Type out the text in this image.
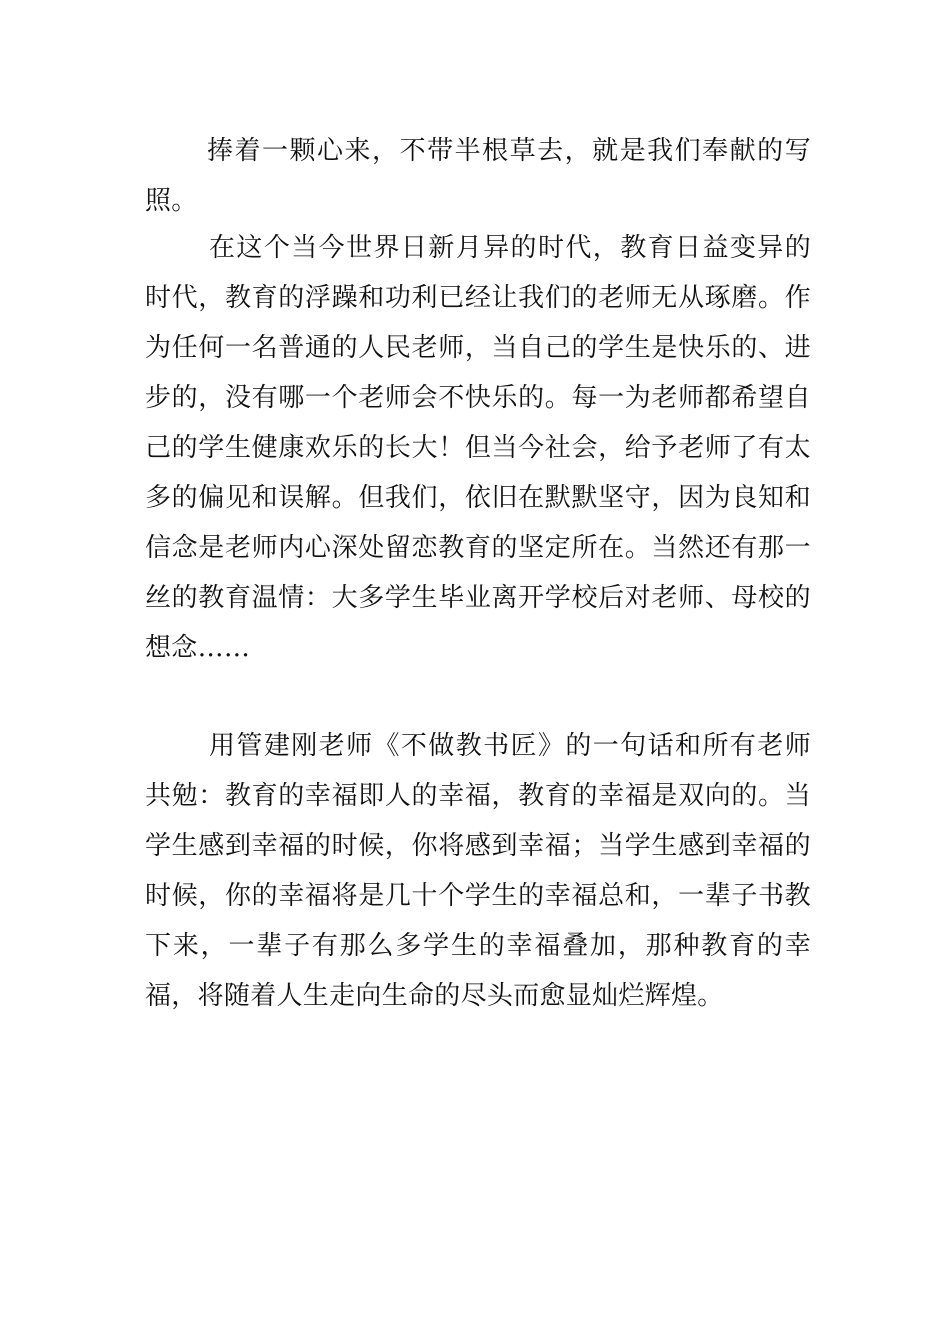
捧着一颗心来，不带半根草去，就是我们奉献的写照。

在这个当今世界日新月异的时代，教育日益变异的时代，教育的浮躁和功利已经让我们的老师无从琢磨。作为任何一名普通的人民老师，当自己的学生是快乐的、进步的，没有哪一个老师会不快乐的。每一为老师都希望自己的学生健康欢乐的长大！但当今社会，给予老师了有太多的偏见和误解。但我们，依旧在默默坚守，因为良知和信念是老师内心深处留恋教育的坚定所在。当然还有那一丝的教育温情：大多学生毕业离开学校后对老师、母校的想念……

用管建刚老师《不做教书匠》的一句话和所有老师共勉：教育的幸福即人的幸福，教育的幸福是双向的。当学生感到幸福的时候，你将感到幸福；当学生感到幸福的时候，你的幸福将是几十个学生的幸福总和，一辈子书教下来，一辈子有那么多学生的幸福叠加，那种教育的幸福，将随着人生走向生命的尽头而愈显灿烂辉煌。
